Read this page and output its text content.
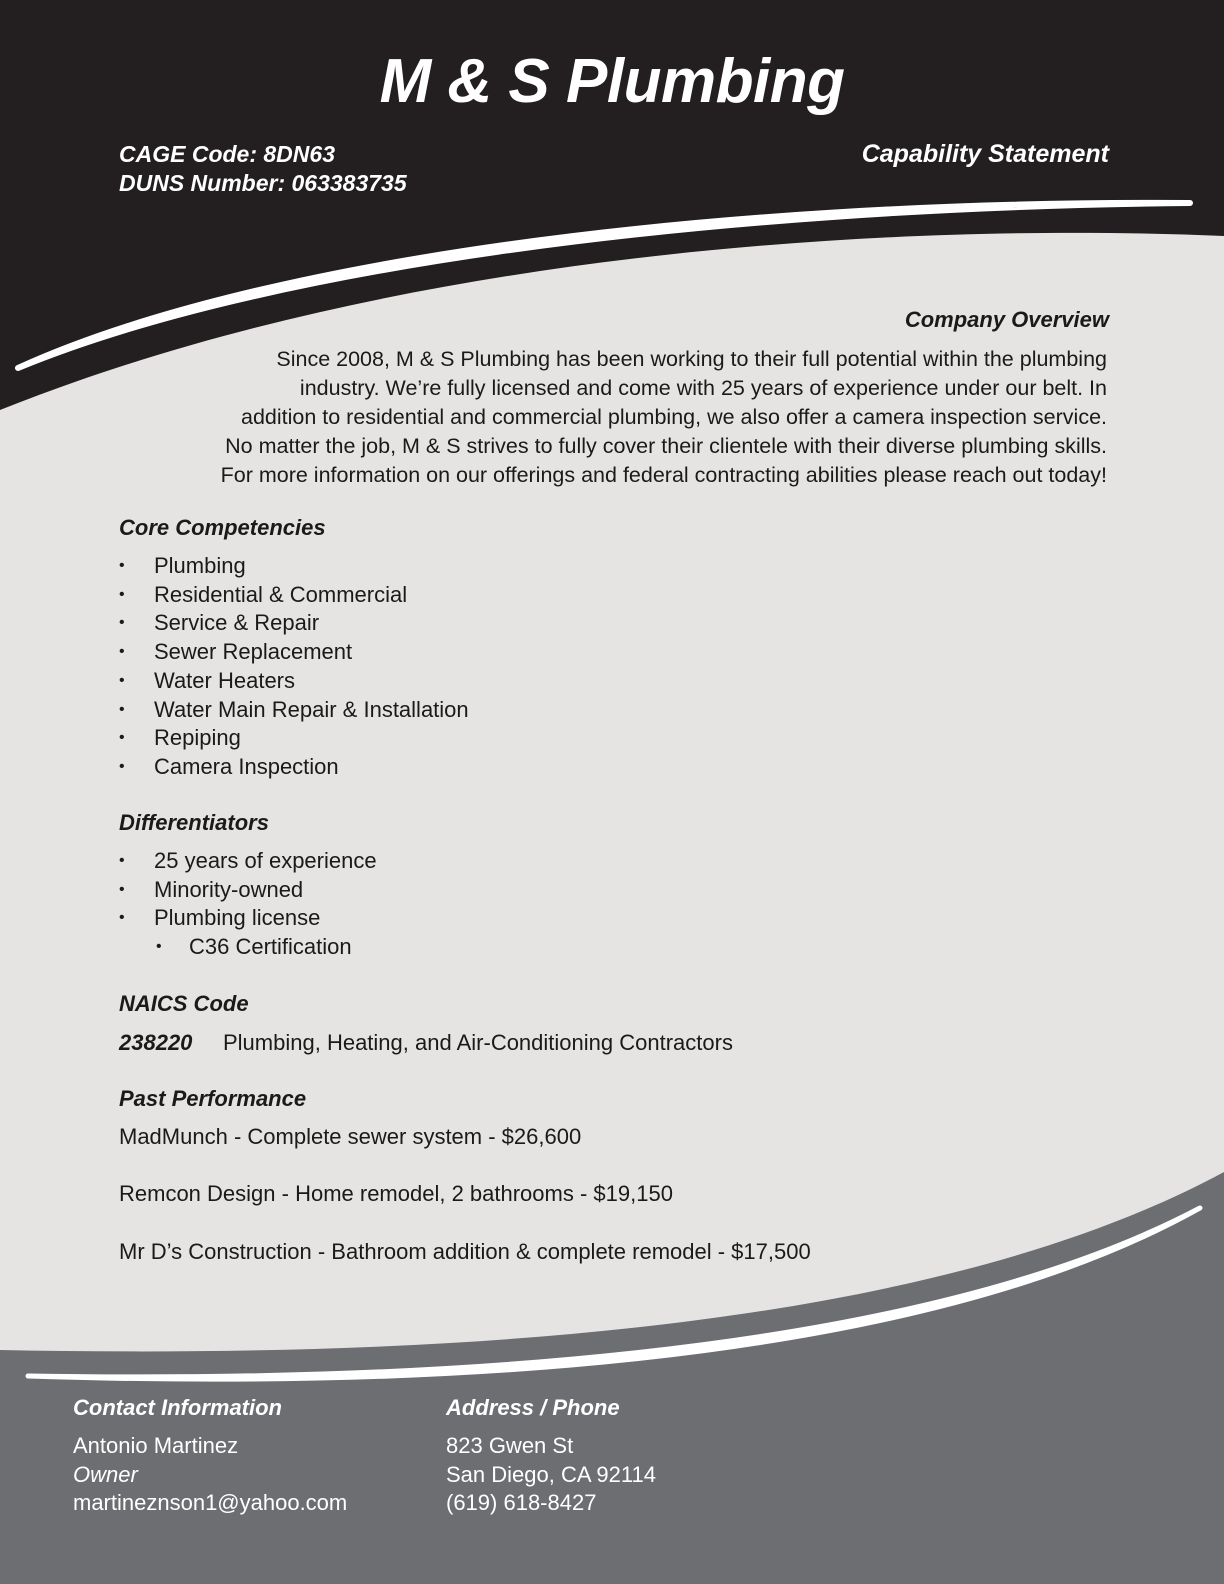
M & S Plumbing
CAGE Code: 8DN63
DUNS Number: 063383735
Capability Statement
Company Overview
Since 2008, M & S Plumbing has been working to their full potential within the plumbing
industry. We’re fully licensed and come with 25 years of experience under our belt. In
addition to residential and commercial plumbing, we also offer a camera inspection service.
No matter the job, M & S strives to fully cover their clientele with their diverse plumbing skills.
For more information on our offerings and federal contracting abilities please reach out today!
Core Competencies
• Plumbing
• Residential & Commercial
• Service & Repair
• Sewer Replacement
• Water Heaters
• Water Main Repair & Installation
• Repiping
• Camera Inspection
Differentiators
• 25 years of experience
• Minority-owned
• Plumbing license
• C36 Certification
NAICS Code
238220 Plumbing, Heating, and Air-Conditioning Contractors
Past Performance
MadMunch - Complete sewer system - $26,600
Remcon Design - Home remodel, 2 bathrooms - $19,150
Mr D’s Construction - Bathroom addition & complete remodel - $17,500
Contact Information
Antonio Martinez
Owner
martineznson1@yahoo.com
Address / Phone
823 Gwen St
San Diego, CA 92114
(619) 618-8427
